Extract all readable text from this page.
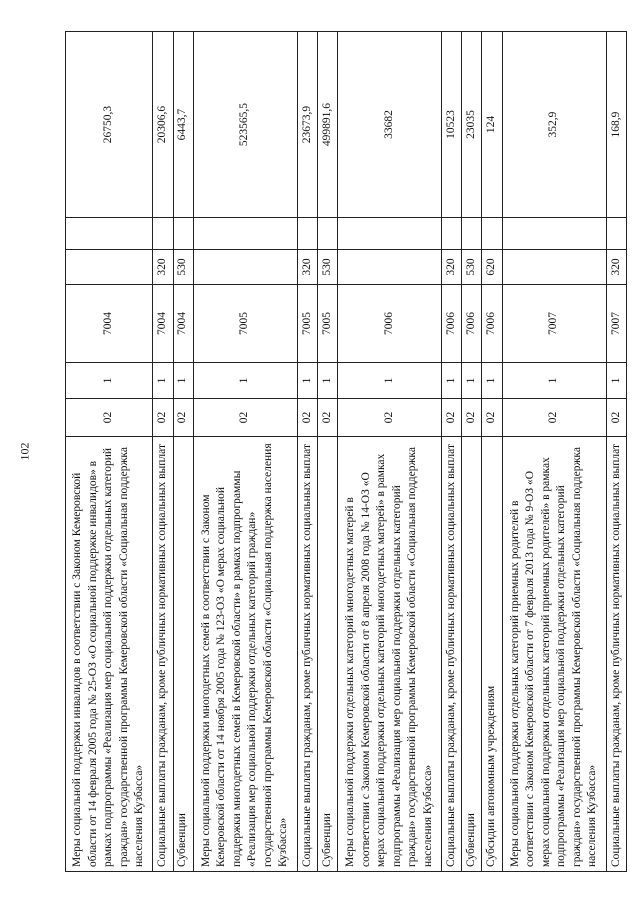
102
Меры социальной поддержки инвалидов в соответствии с Законом Кемеровской области от 14 февраля 2005 года № 25-ОЗ «О социальной поддержке инвалидов» в рамках подпрограммы «Реализация мер социальной поддержки отдельных категорий граждан» государственной программы Кемеровской области «Социальная поддержка населения Кузбасса»	02	1	7004			26750,3
Социальные выплаты гражданам, кроме публичных нормативных социальных выплат	02	1	7004	320		20306,6
Субвенции	02	1	7004	530		6443,7
Меры социальной поддержки многодетных семей в соответствии с Законом Кемеровской области от 14 ноября 2005 года № 123-ОЗ «О мерах социальной поддержки многодетных семей в Кемеровской области» в рамках подпрограммы «Реализация мер социальной поддержки отдельных категорий граждан» государственной программы Кемеровской области «Социальная поддержка населения Кузбасса»	02	1	7005			523565,5
Социальные выплаты гражданам, кроме публичных нормативных социальных выплат	02	1	7005	320		23673,9
Субвенции	02	1	7005	530		499891,6
Меры социальной поддержки отдельных категорий многодетных матерей в соответствии с Законом Кемеровской области от 8 апреля 2008 года № 14-ОЗ «О мерах социальной поддержки отдельных категорий многодетных матерей» в рамках подпрограммы «Реализация мер социальной поддержки отдельных категорий граждан» государственной программы Кемеровской области «Социальная поддержка населения Кузбасса»	02	1	7006			33682
Социальные выплаты гражданам, кроме публичных нормативных социальных выплат	02	1	7006	320		10523
Субвенции	02	1	7006	530		23035
Субсидии автономным учреждениям	02	1	7006	620		124
Меры социальной поддержки отдельных категорий приемных родителей в соответствии с Законом Кемеровской области от 7 февраля 2013 года № 9-ОЗ «О мерах социальной поддержки отдельных категорий приемных родителей» в рамках подпрограммы «Реализация мер социальной поддержки отдельных категорий граждан» государственной программы Кемеровской области «Социальная поддержка населения Кузбасса»	02	1	7007			352,9
Социальные выплаты гражданам, кроме публичных нормативных социальных выплат	02	1	7007	320		168,9
